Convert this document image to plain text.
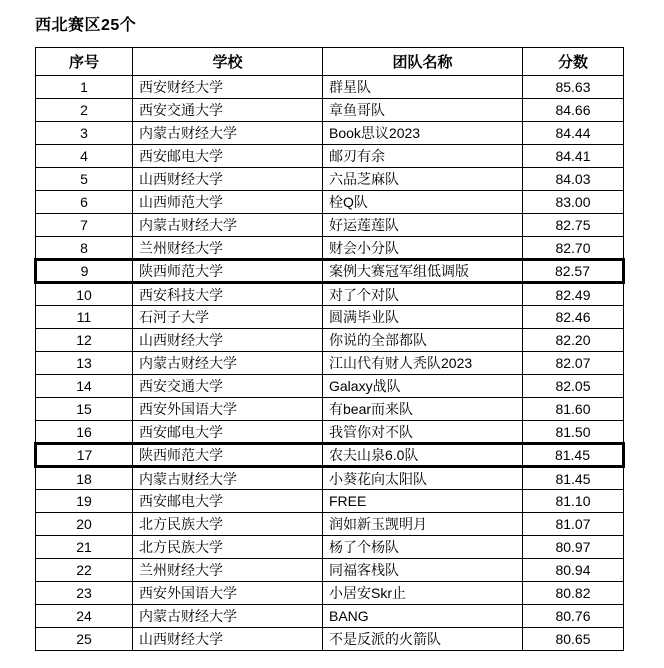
西北赛区25个
序号	学校	团队名称	分数
1	西安财经大学	群星队	85.63
2	西安交通大学	章鱼哥队	84.66
3	内蒙古财经大学	Book思议2023	84.44
4	西安邮电大学	邮刃有余	84.41
5	山西财经大学	六品芝麻队	84.03
6	山西师范大学	栓Q队	83.00
7	内蒙古财经大学	好运莲莲队	82.75
8	兰州财经大学	财会小分队	82.70
9	陕西师范大学	案例大赛冠军组低调版	82.57
10	西安科技大学	对了个对队	82.49
11	石河子大学	圆满毕业队	82.46
12	山西财经大学	你说的全部都队	82.20
13	内蒙古财经大学	江山代有财人秃队2023	82.07
14	西安交通大学	Galaxy战队	82.05
15	西安外国语大学	有bear而来队	81.60
16	西安邮电大学	我管你对不队	81.50
17	陕西师范大学	农夫山泉6.0队	81.45
18	内蒙古财经大学	小葵花向太阳队	81.45
19	西安邮电大学	FREE	81.10
20	北方民族大学	润如新玉觊明月	81.07
21	北方民族大学	杨了个杨队	80.97
22	兰州财经大学	同福客栈队	80.94
23	西安外国语大学	小居安Skr止	80.82
24	内蒙古财经大学	BANG	80.76
25	山西财经大学	不是反派的火箭队	80.65
